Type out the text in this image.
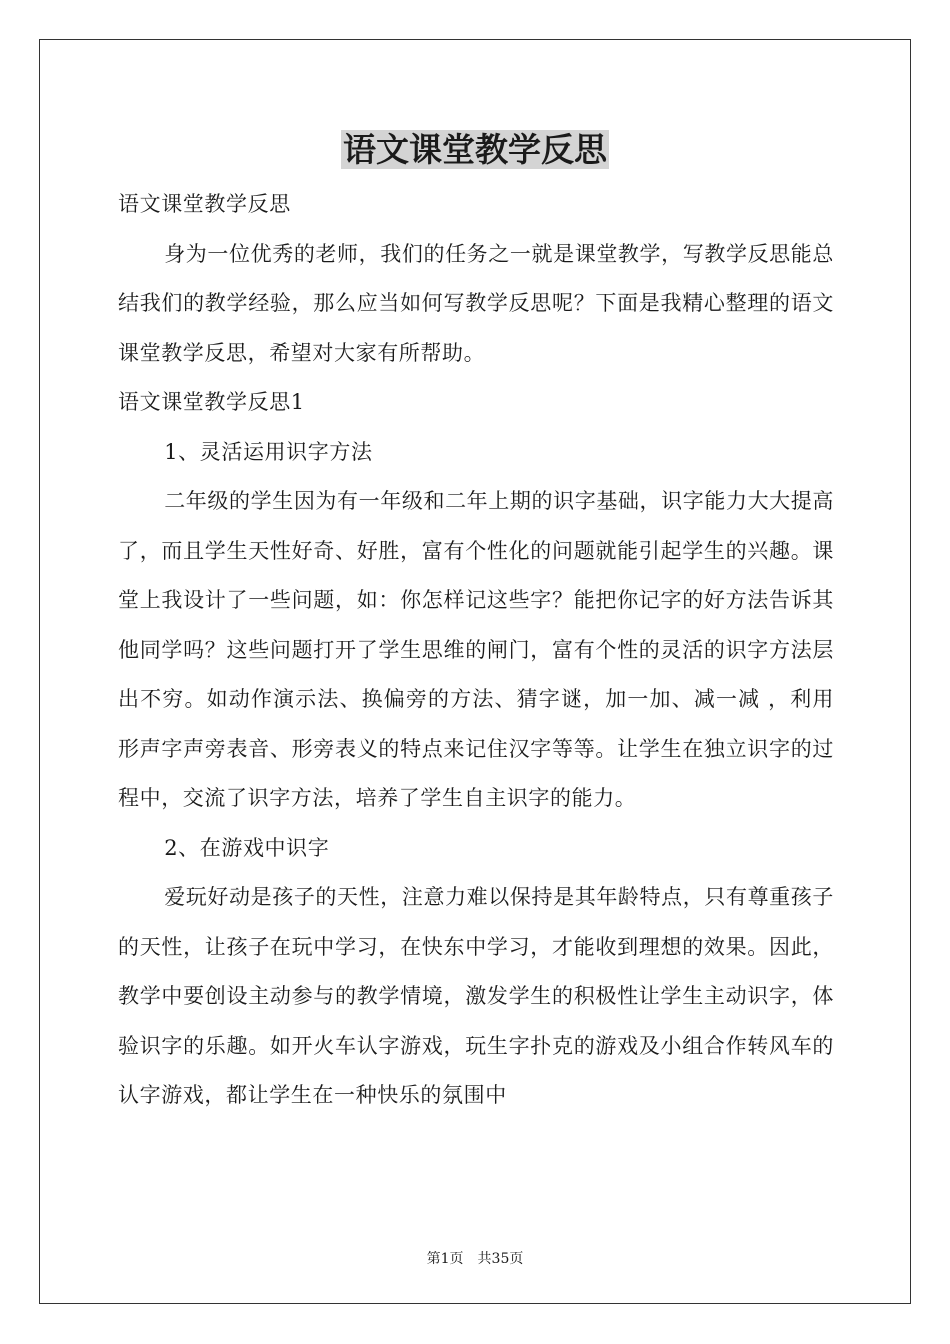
语文课堂教学反思

语文课堂教学反思

身为一位优秀的老师，我们的任务之一就是课堂教学，写教学反思能总结我们的教学经验，那么应当如何写教学反思呢？下面是我精心整理的语文课堂教学反思，希望对大家有所帮助。

语文课堂教学反思1

1、灵活运用识字方法

二年级的学生因为有一年级和二年上期的识字基础，识字能力大大提高了，而且学生天性好奇、好胜，富有个性化的问题就能引起学生的兴趣。课堂上我设计了一些问题，如：你怎样记这些字？能把你记字的好方法告诉其他同学吗？这些问题打开了学生思维的闸门，富有个性的灵活的识字方法层出不穷。如动作演示法、换偏旁的方法、猜字谜，加一加、减一减 ，利用形声字声旁表音、形旁表义的特点来记住汉字等等。让学生在独立识字的过程中，交流了识字方法，培养了学生自主识字的能力。

2、在游戏中识字

爱玩好动是孩子的天性，注意力难以保持是其年龄特点，只有尊重孩子的天性，让孩子在玩中学习，在快东中学习，才能收到理想的效果。因此，教学中要创设主动参与的教学情境，激发学生的积极性让学生主动识字，体验识字的乐趣。如开火车认字游戏，玩生字扑克的游戏及小组合作转风车的认字游戏，都让学生在一种快乐的氛围中

第1页 共35页
